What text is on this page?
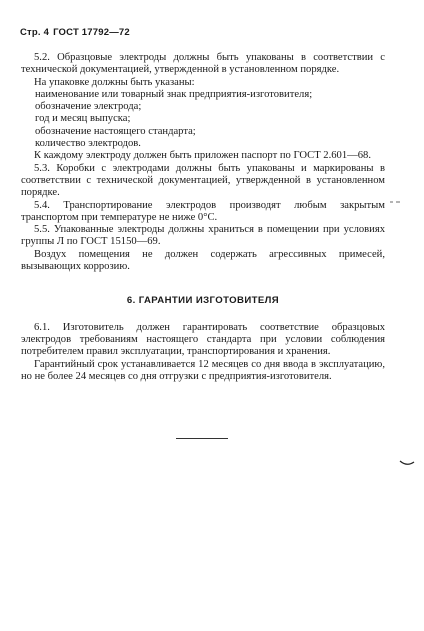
Стр. 4 ГОСТ 17792—72

5.2. Образцовые электроды должны быть упакованы в соответствии с технической документацией, утвержденной в установленном порядке.

На упаковке должны быть указаны:

наименование или товарный знак предприятия-изготовителя;

обозначение электрода;

год и месяц выпуска;

обозначение настоящего стандарта;

количество электродов.

К каждому электроду должен быть приложен паспорт по ГОСТ 2.601—68.

5.3. Коробки с электродами должны быть упакованы и маркированы в соответствии с технической документацией, утвержденной в установленном порядке.

5.4. Транспортирование электродов производят любым закрытым транспортом при температуре не ниже 0°С.

5.5. Упакованные электроды должны храниться в помещении при условиях группы Л по ГОСТ 15150—69.

Воздух помещения не должен содержать агрессивных примесей, вызывающих коррозию.

6. ГАРАНТИИ ИЗГОТОВИТЕЛЯ

6.1. Изготовитель должен гарантировать соответствие образцовых электродов требованиям настоящего стандарта при условии соблюдения потребителем правил эксплуатации, транспортирования и хранения.

Гарантийный срок устанавливается 12 месяцев со дня ввода в эксплуатацию, но не более 24 месяцев со дня отгрузки с предприятия-изготовителя.
